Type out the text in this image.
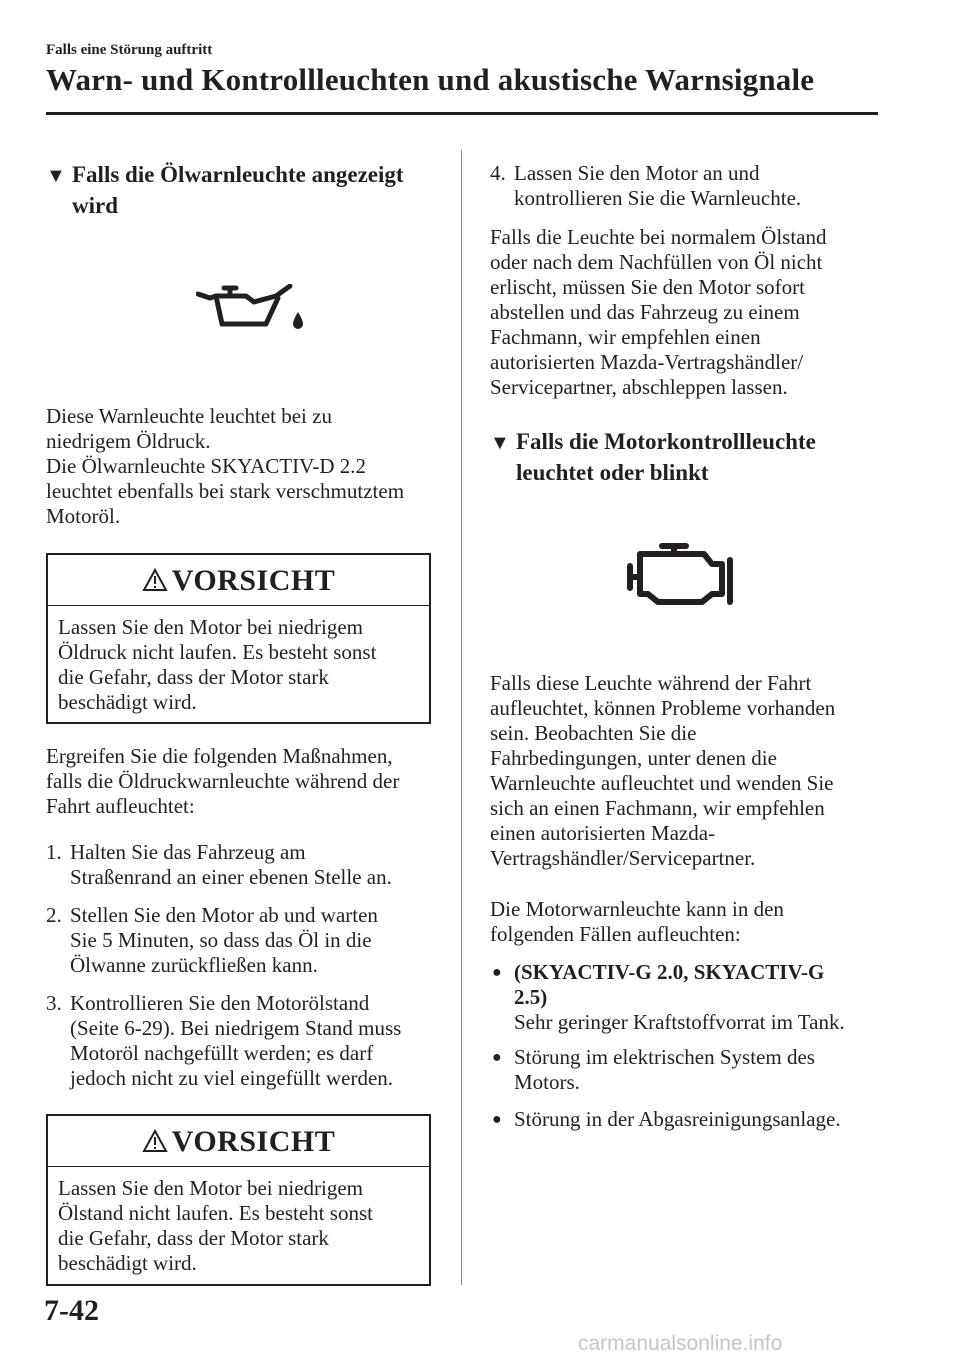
Falls eine Störung auftritt
Warn- und Kontrollleuchten und akustische Warnsignale
▼ Falls die Ölwarnleuchte angezeigt
wird
Diese Warnleuchte leuchtet bei zu
niedrigem Öldruck.
Die Ölwarnleuchte SKYACTIV-D 2.2
leuchtet ebenfalls bei stark verschmutztem
Motoröl.
VORSICHT
Lassen Sie den Motor bei niedrigem
Öldruck nicht laufen. Es besteht sonst
die Gefahr, dass der Motor stark
beschädigt wird.
Ergreifen Sie die folgenden Maßnahmen,
falls die Öldruckwarnleuchte während der
Fahrt aufleuchtet:
1. Halten Sie das Fahrzeug am
Straßenrand an einer ebenen Stelle an.
2. Stellen Sie den Motor ab und warten
Sie 5 Minuten, so dass das Öl in die
Ölwanne zurückfließen kann.
3. Kontrollieren Sie den Motorölstand
(Seite 6-29). Bei niedrigem Stand muss
Motoröl nachgefüllt werden; es darf
jedoch nicht zu viel eingefüllt werden.
VORSICHT
Lassen Sie den Motor bei niedrigem
Ölstand nicht laufen. Es besteht sonst
die Gefahr, dass der Motor stark
beschädigt wird.
4. Lassen Sie den Motor an und
kontrollieren Sie die Warnleuchte.
Falls die Leuchte bei normalem Ölstand
oder nach dem Nachfüllen von Öl nicht
erlischt, müssen Sie den Motor sofort
abstellen und das Fahrzeug zu einem
Fachmann, wir empfehlen einen
autorisierten Mazda-Vertragshändler/
Servicepartner, abschleppen lassen.
▼ Falls die Motorkontrollleuchte
leuchtet oder blinkt
Falls diese Leuchte während der Fahrt
aufleuchtet, können Probleme vorhanden
sein. Beobachten Sie die
Fahrbedingungen, unter denen die
Warnleuchte aufleuchtet und wenden Sie
sich an einen Fachmann, wir empfehlen
einen autorisierten Mazda-
Vertragshändler/Servicepartner.
Die Motorwarnleuchte kann in den
folgenden Fällen aufleuchten:
● (SKYACTIV-G 2.0, SKYACTIV-G
2.5)
Sehr geringer Kraftstoffvorrat im Tank.
● Störung im elektrischen System des
Motors.
● Störung in der Abgasreinigungsanlage.
7-42
carmanualsonline.info
